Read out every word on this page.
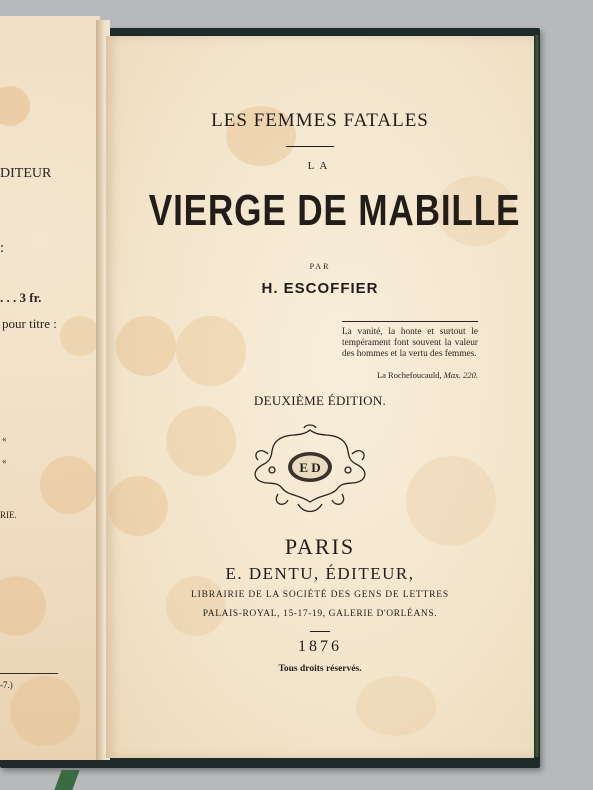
DITEUR
:
. . . 3 fr.
pour titre :
«
«
RIE.
-7.)
LES FEMMES FATALES
LA
VIERGE DE MABILLE
PAR
H. ESCOFFIER
La vanité, la honte et surtout le tempérament font souvent la valeur des hommes et la vertu des femmes.
La Rochefoucauld, Max. 220.
DEUXIÈME ÉDITION.
E D
PARIS
E. DENTU, ÉDITEUR,
LIBRAIRIE DE LA SOCIÉTÉ DES GENS DE LETTRES
PALAIS-ROYAL, 15-17-19, GALERIE D'ORLÉANS.
1876
Tous droits réservés.
